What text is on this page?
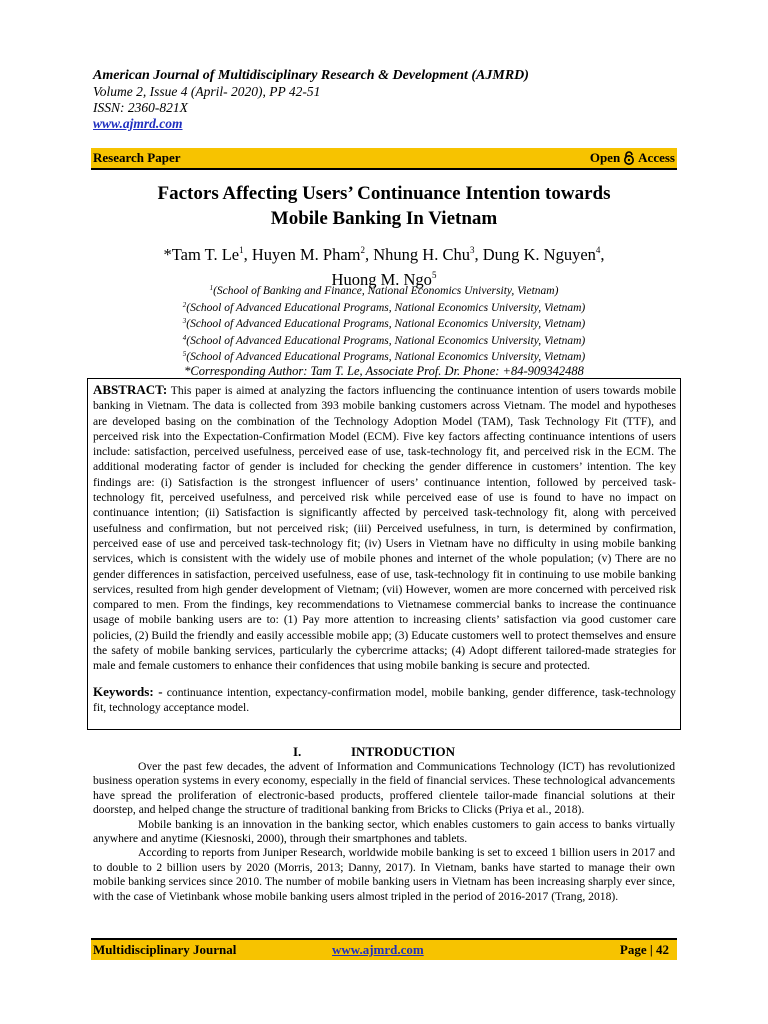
American Journal of Multidisciplinary Research & Development (AJMRD)
Volume 2, Issue 4 (April- 2020), PP 42-51
ISSN: 2360-821X
www.ajmrd.com
Research Paper	Open Access
Factors Affecting Users’ Continuance Intention towards
Mobile Banking In Vietnam
*Tam T. Le$^1$, Huyen M. Pham$^2$, Nhung H. Chu$^3$, Dung K. Nguyen$^4$,
Huong M. Ngo$^5$
$^1$(School of Banking and Finance, National Economics University, Vietnam)
$^2$(School of Advanced Educational Programs, National Economics University, Vietnam)
$^3$(School of Advanced Educational Programs, National Economics University, Vietnam)
$^4$(School of Advanced Educational Programs, National Economics University, Vietnam)
$^5$(School of Advanced Educational Programs, National Economics University, Vietnam)
*Corresponding Author: Tam T. Le, Associate Prof. Dr. Phone: +84-909342488
ABSTRACT: This paper is aimed at analyzing the factors influencing the continuance intention of users towards mobile banking in Vietnam. The data is collected from 393 mobile banking customers across Vietnam. The model and hypotheses are developed basing on the combination of the Technology Adoption Model (TAM), Task Technology Fit (TTF), and perceived risk into the Expectation-Confirmation Model (ECM). Five key factors affecting continuance intentions of users include: satisfaction, perceived usefulness, perceived ease of use, task-technology fit, and perceived risk in the ECM. The additional moderating factor of gender is included for checking the gender difference in customers’ intention. The key findings are: (i) Satisfaction is the strongest influencer of users’ continuance intention, followed by perceived task-technology fit, perceived usefulness, and perceived risk while perceived ease of use is found to have no impact on continuance intention; (ii) Satisfaction is significantly affected by perceived task-technology fit, along with perceived usefulness and confirmation, but not perceived risk; (iii) Perceived usefulness, in turn, is determined by confirmation, perceived ease of use and perceived task-technology fit; (iv) Users in Vietnam have no difficulty in using mobile banking services, which is consistent with the widely use of mobile phones and internet of the whole population; (v) There are no gender differences in satisfaction, perceived usefulness, ease of use, task-technology fit in continuing to use mobile banking services, resulted from high gender development of Vietnam; (vii) However, women are more concerned with perceived risk compared to men. From the findings, key recommendations to Vietnamese commercial banks to increase the continuance usage of mobile banking users are to: (1) Pay more attention to increasing clients’ satisfaction via good customer care policies, (2) Build the friendly and easily accessible mobile app; (3) Educate customers well to protect themselves and ensure the safety of mobile banking services, particularly the cybercrime attacks; (4) Adopt different tailored-made strategies for male and female customers to enhance their confidences that using mobile banking is secure and protected.
Keywords: - continuance intention, expectancy-confirmation model, mobile banking, gender difference, task-technology fit, technology acceptance model.
I.	INTRODUCTION

Over the past few decades, the advent of Information and Communications Technology (ICT) has revolutionized business operation systems in every economy, especially in the field of financial services. These technological advancements have spread the proliferation of electronic-based products, proffered clientele tailor-made financial solutions at their doorstep, and helped change the structure of traditional banking from Bricks to Clicks (Priya et al., 2018).

Mobile banking is an innovation in the banking sector, which enables customers to gain access to banks virtually anywhere and anytime (Kiesnoski, 2000), through their smartphones and tablets.

According to reports from Juniper Research, worldwide mobile banking is set to exceed 1 billion users in 2017 and to double to 2 billion users by 2020 (Morris, 2013; Danny, 2017). In Vietnam, banks have started to manage their own mobile banking services since 2010. The number of mobile banking users in Vietnam has been increasing sharply ever since, with the case of Vietinbank whose mobile banking users almost tripled in the period of 2016-2017 (Trang, 2018).

Multidisciplinary Journal	www.ajmrd.com	Page | 42
